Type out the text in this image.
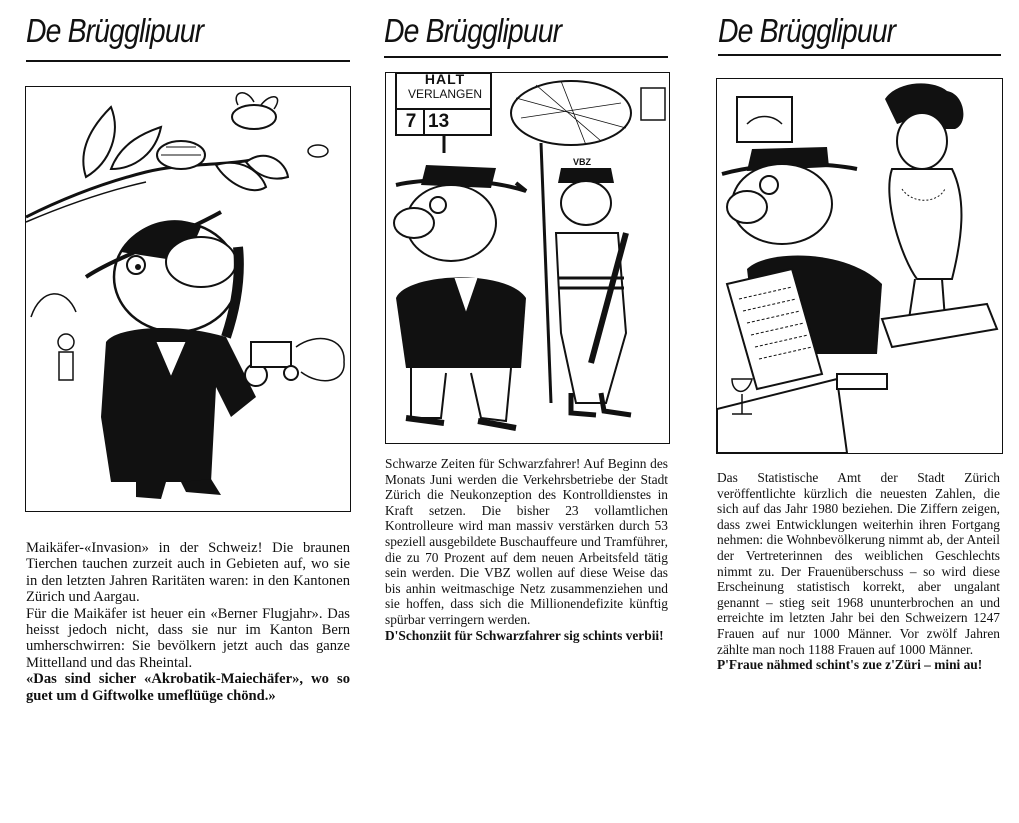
De Brügglipuur

Maikäfer-«Invasion» in der Schweiz! Die braunen Tierchen tauchen zurzeit auch in Gebieten auf, wo sie in den letzten Jahren Raritäten waren: in den Kantonen Zürich und Aargau.

Für die Maikäfer ist heuer ein «Berner Flugjahr». Das heisst jedoch nicht, dass sie nur im Kanton Bern umherschwirren: Sie bevölkern jetzt auch das ganze Mittelland und das Rheintal.

«Das sind sicher «Akrobatik-Maiechäfer», wo so guet um d Giftwolke umeflüüge chönd.»

De Brügglipuur
HALT
VERLANGEN
7 13
VBZ

Schwarze Zeiten für Schwarzfahrer! Auf Beginn des Monats Juni werden die Verkehrsbetriebe der Stadt Zürich die Neukonzeption des Kontrolldienstes in Kraft setzen. Die bisher 23 vollamtlichen Kontrolleure wird man massiv verstärken durch 53 speziell ausgebildete Buschauffeure und Tramführer, die zu 70 Prozent auf dem neuen Arbeitsfeld tätig sein werden. Die VBZ wollen auf diese Weise das bis anhin weitmaschige Netz zusammenziehen und sie hoffen, dass sich die Millionendefizite künftig spürbar verringern werden.

D'Schonziit für Schwarzfahrer sig schints verbii!

De Brügglipuur

Das Statistische Amt der Stadt Zürich veröffentlichte kürzlich die neuesten Zahlen, die sich auf das Jahr 1980 beziehen. Die Ziffern zeigen, dass zwei Entwicklungen weiterhin ihren Fortgang nehmen: die Wohnbevölkerung nimmt ab, der Anteil der Vertreterinnen des weiblichen Geschlechts nimmt zu. Der Frauenüberschuss – so wird diese Erscheinung statistisch korrekt, aber ungalant genannt – stieg seit 1968 ununterbrochen an und erreichte im letzten Jahr bei den Schweizern 1247 Frauen auf nur 1000 Männer. Vor zwölf Jahren zählte man noch 1188 Frauen auf 1000 Männer.

P'Fraue nähmed schint's zue z'Züri – mini au!
